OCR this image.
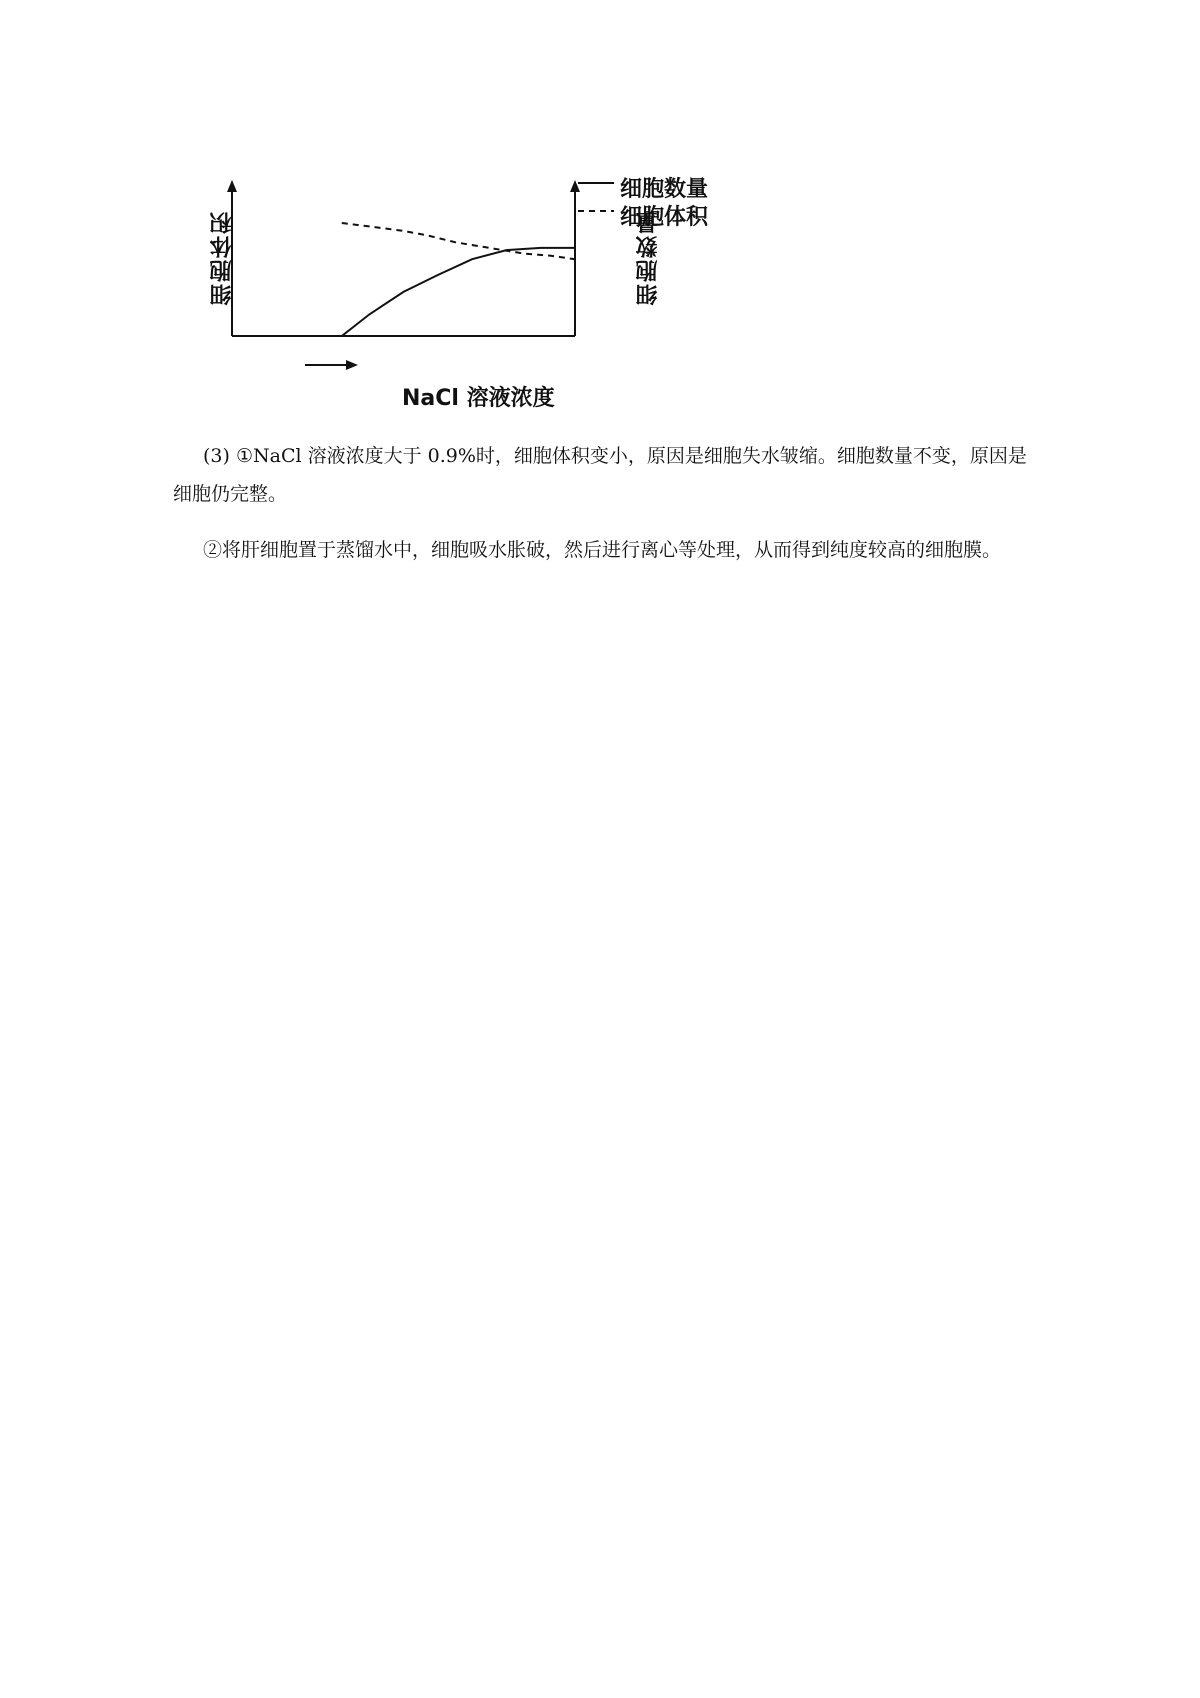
细胞体积	细胞数量
NaCl 溶液浓度
细胞数量
细胞体积

(3) ①NaCl 溶液浓度大于 0.9%时，细胞体积变小，原因是细胞失水皱缩。细胞数量不变，原因是细胞仍完整。

②将肝细胞置于蒸馏水中，细胞吸水胀破，然后进行离心等处理，从而得到纯度较高的细胞膜。
